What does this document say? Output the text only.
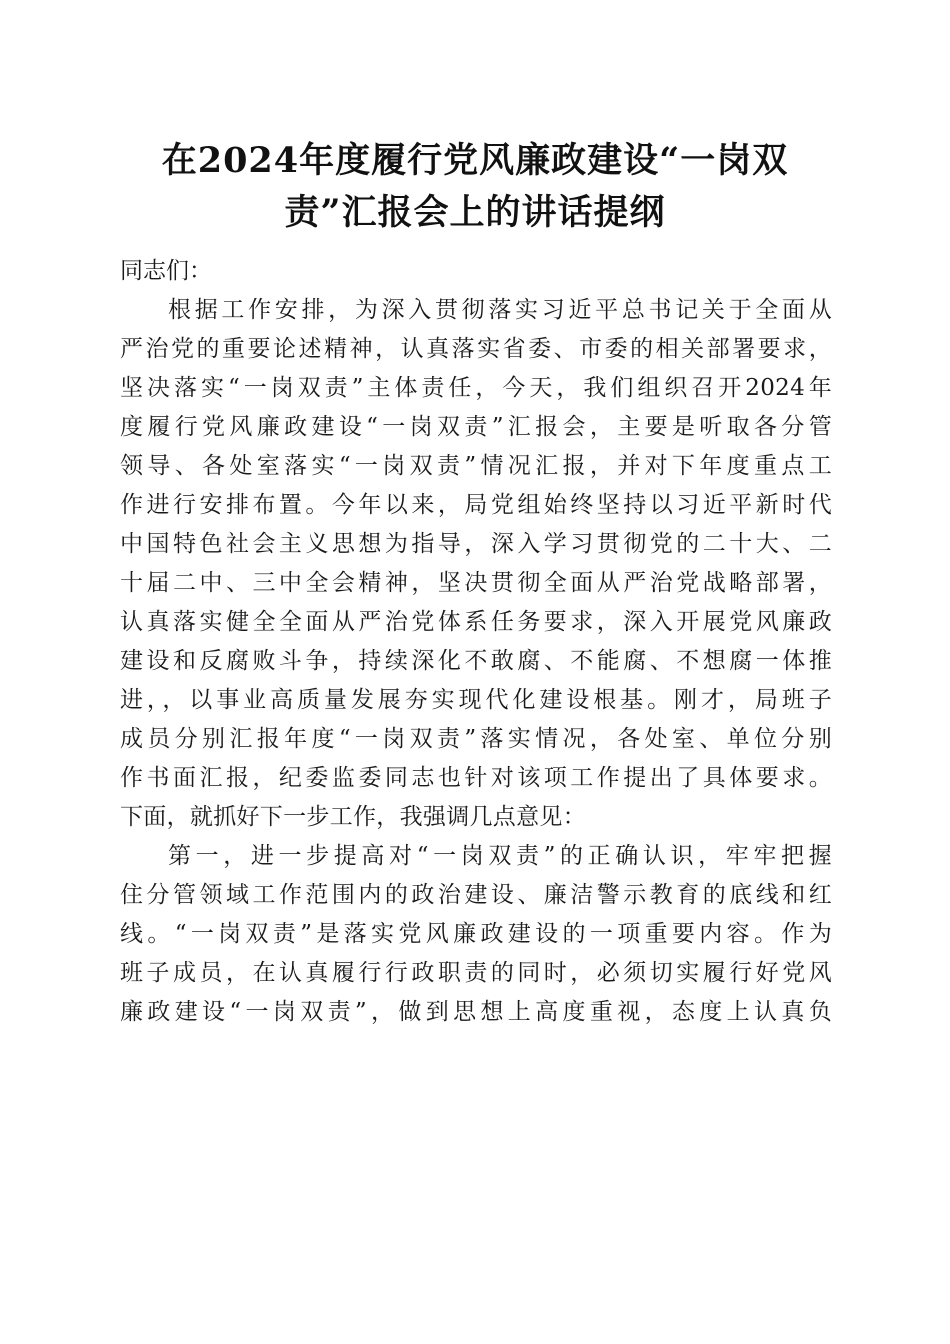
在2024年度履行党风廉政建设“一岗双
责”汇报会上的讲话提纲
同志们：
根据工作安排，为深入贯彻落实习近平总书记关于全面从
严治党的重要论述精神，认真落实省委、市委的相关部署要求，
坚决落实“一岗双责”主体责任，今天，我们组织召开2024年
度履行党风廉政建设“一岗双责”汇报会，主要是听取各分管
领导、各处室落实“一岗双责”情况汇报，并对下年度重点工
作进行安排布置。今年以来，局党组始终坚持以习近平新时代
中国特色社会主义思想为指导，深入学习贯彻党的二十大、二
十届二中、三中全会精神，坚决贯彻全面从严治党战略部署，
认真落实健全全面从严治党体系任务要求，深入开展党风廉政
建设和反腐败斗争，持续深化不敢腐、不能腐、不想腐一体推
进，，以事业高质量发展夯实现代化建设根基。刚才，局班子
成员分别汇报年度“一岗双责”落实情况，各处室、单位分别
作书面汇报，纪委监委同志也针对该项工作提出了具体要求。
下面，就抓好下一步工作，我强调几点意见：
第一，进一步提高对“一岗双责”的正确认识，牢牢把握
住分管领域工作范围内的政治建设、廉洁警示教育的底线和红
线。“一岗双责”是落实党风廉政建设的一项重要内容。作为
班子成员，在认真履行行政职责的同时，必须切实履行好党风
廉政建设“一岗双责”，做到思想上高度重视，态度上认真负
